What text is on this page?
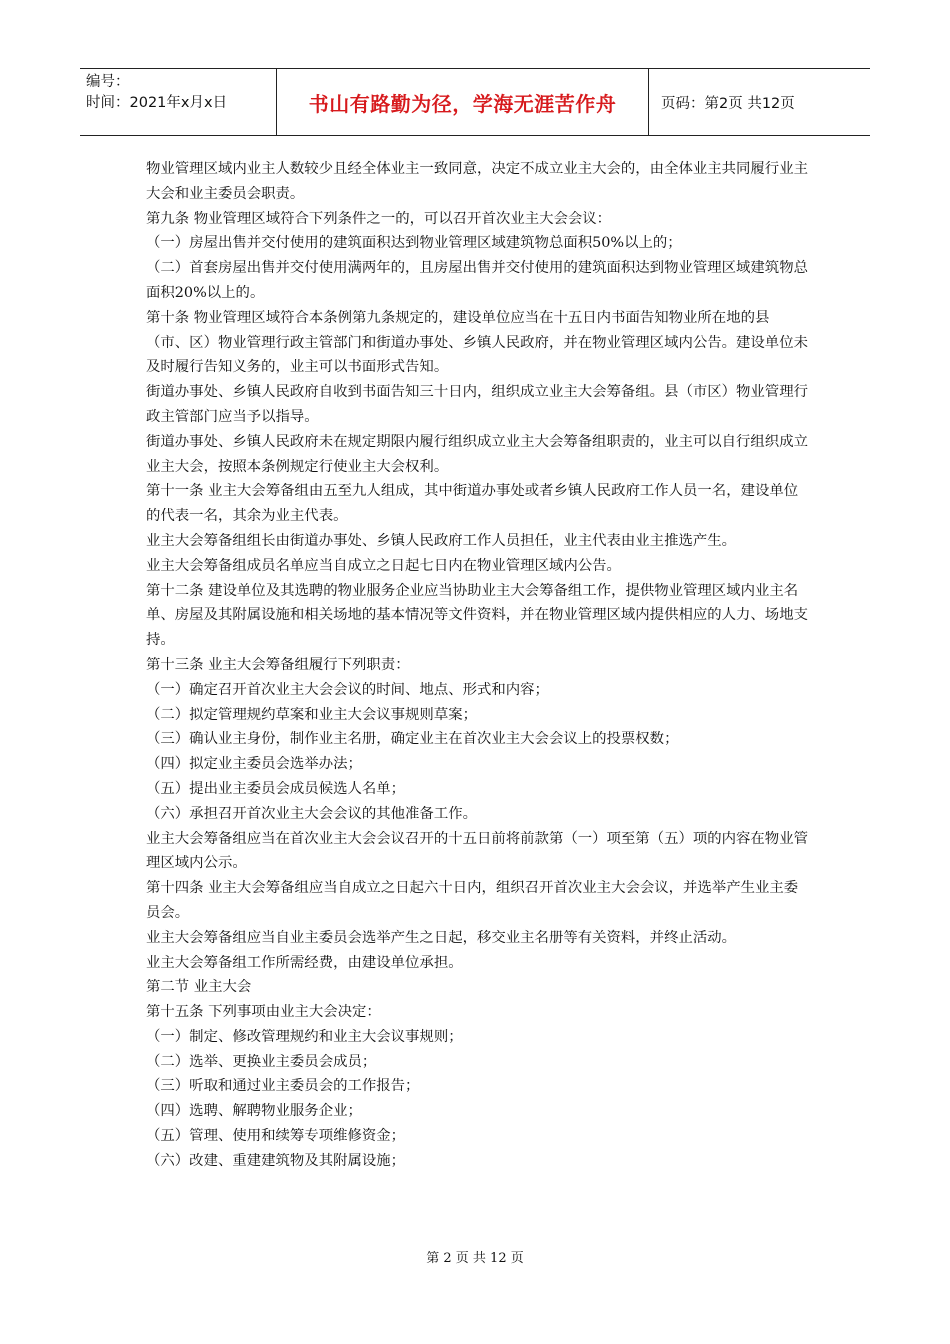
编号：
时间：2021年x月x日	书山有路勤为径，学海无涯苦作舟	页码：第2页 共12页

物业管理区域内业主人数较少且经全体业主一致同意，决定不成立业主大会的，由全体业主共同履行业主大会和业主委员会职责。

第九条 物业管理区域符合下列条件之一的，可以召开首次业主大会会议：

（一）房屋出售并交付使用的建筑面积达到物业管理区域建筑物总面积50%以上的；

（二）首套房屋出售并交付使用满两年的，且房屋出售并交付使用的建筑面积达到物业管理区域建筑物总面积20%以上的。

第十条 物业管理区域符合本条例第九条规定的，建设单位应当在十五日内书面告知物业所在地的县（市、区）物业管理行政主管部门和街道办事处、乡镇人民政府，并在物业管理区域内公告。建设单位未及时履行告知义务的，业主可以书面形式告知。

街道办事处、乡镇人民政府自收到书面告知三十日内，组织成立业主大会筹备组。县（市区）物业管理行政主管部门应当予以指导。

街道办事处、乡镇人民政府未在规定期限内履行组织成立业主大会筹备组职责的，业主可以自行组织成立业主大会，按照本条例规定行使业主大会权利。

第十一条 业主大会筹备组由五至九人组成，其中街道办事处或者乡镇人民政府工作人员一名，建设单位的代表一名，其余为业主代表。

业主大会筹备组组长由街道办事处、乡镇人民政府工作人员担任，业主代表由业主推选产生。

业主大会筹备组成员名单应当自成立之日起七日内在物业管理区域内公告。

第十二条 建设单位及其选聘的物业服务企业应当协助业主大会筹备组工作，提供物业管理区域内业主名单、房屋及其附属设施和相关场地的基本情况等文件资料，并在物业管理区域内提供相应的人力、场地支持。

第十三条 业主大会筹备组履行下列职责：

（一）确定召开首次业主大会会议的时间、地点、形式和内容；

（二）拟定管理规约草案和业主大会议事规则草案；

（三）确认业主身份，制作业主名册，确定业主在首次业主大会会议上的投票权数；

（四）拟定业主委员会选举办法；

（五）提出业主委员会成员候选人名单；

（六）承担召开首次业主大会会议的其他准备工作。

业主大会筹备组应当在首次业主大会会议召开的十五日前将前款第（一）项至第（五）项的内容在物业管理区域内公示。

第十四条 业主大会筹备组应当自成立之日起六十日内，组织召开首次业主大会会议，并选举产生业主委员会。

业主大会筹备组应当自业主委员会选举产生之日起，移交业主名册等有关资料，并终止活动。

业主大会筹备组工作所需经费，由建设单位承担。

第二节 业主大会

第十五条 下列事项由业主大会决定：

（一）制定、修改管理规约和业主大会议事规则；

（二）选举、更换业主委员会成员；

（三）听取和通过业主委员会的工作报告；

（四）选聘、解聘物业服务企业；

（五）管理、使用和续筹专项维修资金；

（六）改建、重建建筑物及其附属设施；

第 2 页 共 12 页
